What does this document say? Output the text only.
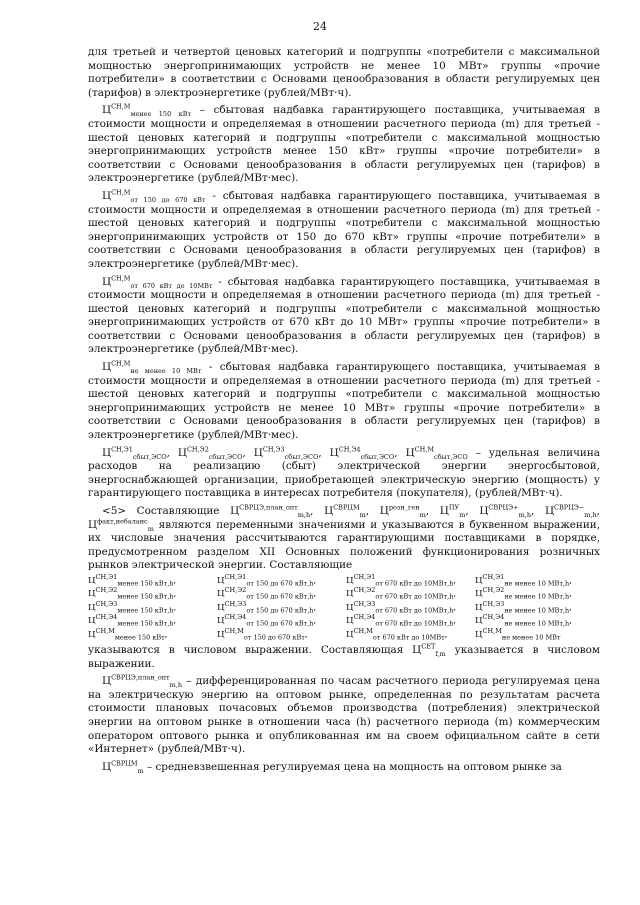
24

для третьей и четвертой ценовых категорий и подгруппы «потребители с максимальной мощностью энергопринимающих устройств не менее 10 МВт» группы «прочие потребители» в соответствии с Основами ценообразования в области регулируемых цен (тарифов) в электроэнергетике (рублей/МВт·ч).

$Ц^{СН,М}_{менее 150 кВт}$ – сбытовая надбавка гарантирующего поставщика, учитываемая в стоимости мощности и определяемая в отношении расчетного периода (m) для третьей - шестой ценовых категорий и подгруппы «потребители с максимальной мощностью энергопринимающих устройств менее 150 кВт» группы «прочие потребители» в соответствии с Основами ценообразования в области регулируемых цен (тарифов) в электроэнергетике (рублей/МВт·мес).

$Ц^{СН,М}_{от 150 до 670 кВт}$ - сбытовая надбавка гарантирующего поставщика, учитываемая в стоимости мощности и определяемая в отношении расчетного периода (m) для третьей - шестой ценовых категорий и подгруппы «потребители с максимальной мощностью энергопринимающих устройств от 150 до 670 кВт» группы «прочие потребители» в соответствии с Основами ценообразования в области регулируемых цен (тарифов) в электроэнергетике (рублей/МВт·мес).

$Ц^{СН,М}_{от 670 кВт до 10МВт}$ - сбытовая надбавка гарантирующего поставщика, учитываемая в стоимости мощности и определяемая в отношении расчетного периода (m) для третьей - шестой ценовых категорий и подгруппы «потребители с максимальной мощностью энергопринимающих устройств от 670 кВт до 10 МВт» группы «прочие потребители» в соответствии с Основами ценообразования в области регулируемых цен (тарифов) в электроэнергетике (рублей/МВт·мес).

$Ц^{СН,М}_{не менее 10 МВт}$ - сбытовая надбавка гарантирующего поставщика, учитываемая в стоимости мощности и определяемая в отношении расчетного периода (m) для третьей - шестой ценовых категорий и подгруппы «потребители с максимальной мощностью энергопринимающих устройств не менее 10 МВт» группы «прочие потребители» в соответствии с Основами ценообразования в области регулируемых цен (тарифов) в электроэнергетике (рублей/МВт·мес).

$Ц^{СН,Э1}_{сбыт,ЭСО}$, $Ц^{СН,Э2}_{сбыт,ЭСО}$, $Ц^{СН,Э3}_{сбыт,ЭСО}$, $Ц^{СН,Э4}_{сбыт,ЭСО}$, $Ц^{СН,М}_{сбыт,ЭСО}$ – удельная величина расходов на реализацию (сбыт) электрической энергии энергосбытовой, энергоснабжающей организации, приобретающей электрическую энергию (мощность) у гарантирующего поставщика в интересах потребителя (покупателя), (рублей/МВт·ч).

<5> Составляющие $Ц^{СВРЦЭ,план\_опт}_{m,h}$, $Ц^{СВРЦМ}_m$, $Ц^{розн\_ген}_m$, $Ц^{ПУ}_m$, $Ц^{СВРЦЭ+}_{m,h}$, $Ц^{СВРЦЭ-}_{m,h}$, $Ц^{факт,небаланс}_m$ являются переменными значениями и указываются в буквенном выражении, их числовые значения рассчитываются гарантирующими поставщиками в порядке, предусмотренном разделом XII Основных положений функционирования розничных рынков электрической энергии. Составляющие

$Ц^{СН,Э1}_{менее 150 кВт,h}$,	$Ц^{СН,Э1}_{от 150 до 670 кВт,h}$,	$Ц^{СН,Э1}_{от 670 кВт до 10МВт,h}$,	$Ц^{СН,Э1}_{не менее 10 МВт,h}$,
$Ц^{СН,Э2}_{менее 150 кВт,h}$,	$Ц^{СН,Э2}_{от 150 до 670 кВт,h}$,	$Ц^{СН,Э2}_{от 670 кВт до 10МВт,h}$,	$Ц^{СН,Э2}_{не менее 10 МВт,h}$,
$Ц^{СН,Э3}_{менее 150 кВт,h}$,	$Ц^{СН,Э3}_{от 150 до 670 кВт,h}$,	$Ц^{СН,Э3}_{от 670 кВт до 10МВт,h}$,	$Ц^{СН,Э3}_{не менее 10 МВт,h}$,
$Ц^{СН,Э4}_{менее 150 кВт,h}$,	$Ц^{СН,Э4}_{от 150 до 670 кВт,h}$,	$Ц^{СН,Э4}_{от 670 кВт до 10МВт,h}$,	$Ц^{СН,Э4}_{не менее 10 МВт,h}$,
$Ц^{СН,М}_{менее 150 кВт}$,	$Ц^{СН,М}_{от 150 до 670 кВт}$,	$Ц^{СН,М}_{от 670 кВт до 10МВт}$,	$Ц^{СН,М}_{не менее 10 МВт}$

указываются в числовом выражении. Составляющая $Ц^{СЕТ}_{f,m}$ указывается в числовом выражении.

$Ц^{СВРЦЭ,план\_опт}_{m,h}$ – дифференцированная по часам расчетного периода регулируемая цена на электрическую энергию на оптовом рынке, определенная по результатам расчета стоимости плановых почасовых объемов производства (потребления) электрической энергии на оптовом рынке в отношении часа (h) расчетного периода (m) коммерческим оператором оптового рынка и опубликованная им на своем официальном сайте в сети «Интернет» (рублей/МВт·ч).

$Ц^{СВРЦМ}_m$ – средневзвешенная регулируемая цена на мощность на оптовом рынке за
